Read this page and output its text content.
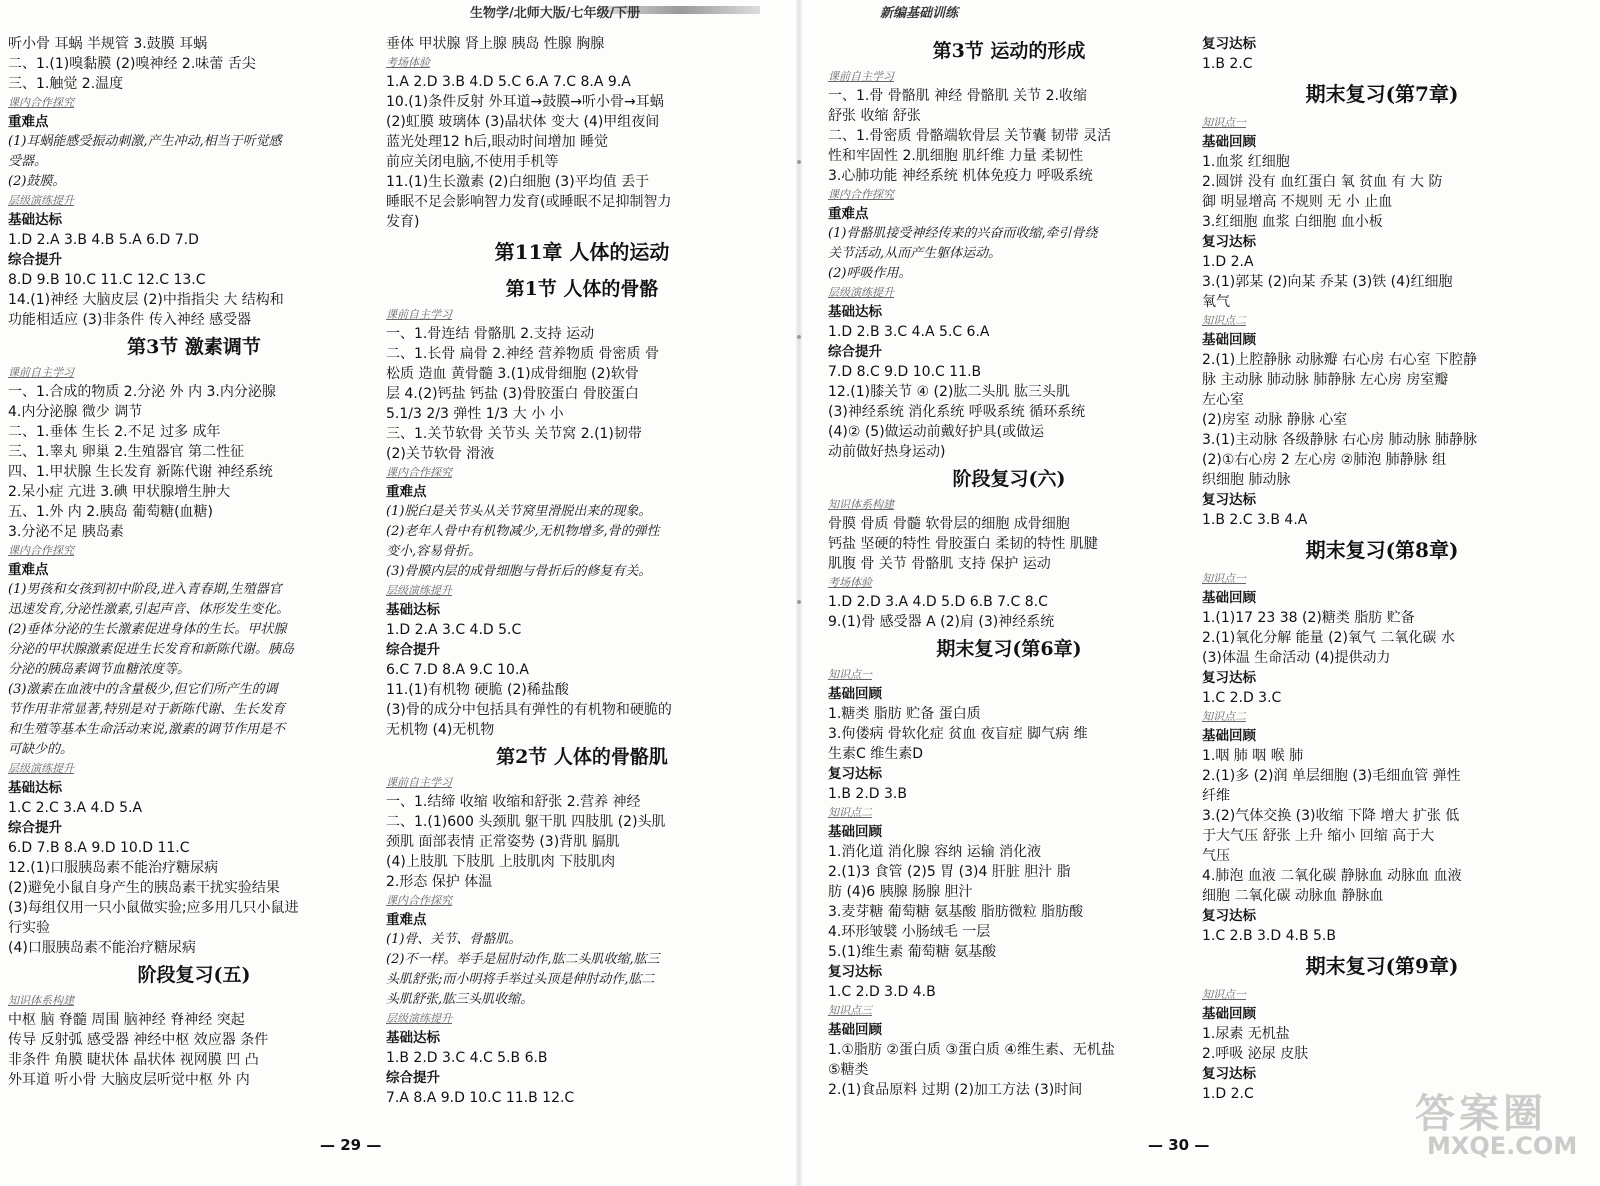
生物学/北师大版/七年级/下册	新编基础训练
听小骨 耳蜗 半规管 3.鼓膜 耳蜗
二、1.(1)嗅黏膜 (2)嗅神经 2.味蕾 舌尖
三、1.触觉 2.温度
课内合作探究
重难点
(1)耳蜗能感受振动刺激,产生冲动,相当于听觉感
受器。
(2)鼓膜。
层级演练提升
基础达标
1.D 2.A 3.B 4.B 5.A 6.D 7.D
综合提升
8.D 9.B 10.C 11.C 12.C 13.C
14.(1)神经 大脑皮层 (2)中指指尖 大 结构和
功能相适应 (3)非条件 传入神经 感受器
第3节 激素调节
课前自主学习
一、1.合成的物质 2.分泌 外 内 3.内分泌腺
4.内分泌腺 微少 调节
二、1.垂体 生长 2.不足 过多 成年
三、1.睾丸 卵巢 2.生殖器官 第二性征
四、1.甲状腺 生长发育 新陈代谢 神经系统
2.呆小症 亢进 3.碘 甲状腺增生肿大
五、1.外 内 2.胰岛 葡萄糖(血糖)
3.分泌不足 胰岛素
课内合作探究
重难点
(1)男孩和女孩到初中阶段,进入青春期,生殖器官
迅速发育,分泌性激素,引起声音、体形发生变化。
(2)垂体分泌的生长激素促进身体的生长。甲状腺
分泌的甲状腺激素促进生长发育和新陈代谢。胰岛
分泌的胰岛素调节血糖浓度等。
(3)激素在血液中的含量极少,但它们所产生的调
节作用非常显著,特别是对于新陈代谢、生长发育
和生殖等基本生命活动来说,激素的调节作用是不
可缺少的。
层级演练提升
基础达标
1.C 2.C 3.A 4.D 5.A
综合提升
6.D 7.B 8.A 9.D 10.D 11.C
12.(1)口服胰岛素不能治疗糖尿病
(2)避免小鼠自身产生的胰岛素干扰实验结果
(3)每组仅用一只小鼠做实验;应多用几只小鼠进
行实验
(4)口服胰岛素不能治疗糖尿病
阶段复习(五)
知识体系构建
中枢 脑 脊髓 周围 脑神经 脊神经 突起
传导 反射弧 感受器 神经中枢 效应器 条件
非条件 角膜 睫状体 晶状体 视网膜 凹 凸
外耳道 听小骨 大脑皮层听觉中枢 外 内
垂体 甲状腺 肾上腺 胰岛 性腺 胸腺
考场体验
1.A 2.D 3.B 4.D 5.C 6.A 7.C 8.A 9.A
10.(1)条件反射 外耳道→鼓膜→听小骨→耳蜗
(2)虹膜 玻璃体 (3)晶状体 变大 (4)甲组夜间
蓝光处理12 h后,眼动时间增加 睡觉
前应关闭电脑,不使用手机等
11.(1)生长激素 (2)白细胞 (3)平均值 丢于
睡眠不足会影响智力发育(或睡眠不足抑制智力
发育)
第11章 人体的运动
第1节 人体的骨骼
课前自主学习
一、1.骨连结 骨骼肌 2.支持 运动
二、1.长骨 扁骨 2.神经 营养物质 骨密质 骨
松质 造血 黄骨髓 3.(1)成骨细胞 (2)软骨
层 4.(2)钙盐 钙盐 (3)骨胶蛋白 骨胶蛋白
5.1/3 2/3 弹性 1/3 大 小 小
三、1.关节软骨 关节头 关节窝 2.(1)韧带
(2)关节软骨 滑液
课内合作探究
重难点
(1)脱臼是关节头从关节窝里滑脱出来的现象。
(2)老年人骨中有机物减少,无机物增多,骨的弹性
变小,容易骨折。
(3)骨膜内层的成骨细胞与骨折后的修复有关。
层级演练提升
基础达标
1.D 2.A 3.C 4.D 5.C
综合提升
6.C 7.D 8.A 9.C 10.A
11.(1)有机物 硬脆 (2)稀盐酸
(3)骨的成分中包括具有弹性的有机物和硬脆的
无机物 (4)无机物
第2节 人体的骨骼肌
课前自主学习
一、1.结缔 收缩 收缩和舒张 2.营养 神经
二、1.(1)600 头颈肌 躯干肌 四肢肌 (2)头肌
颈肌 面部表情 正常姿势 (3)背肌 膈肌
(4)上肢肌 下肢肌 上肢肌肉 下肢肌肉
2.形态 保护 体温
课内合作探究
重难点
(1)骨、关节、骨骼肌。
(2)不一样。举手是屈肘动作,肱二头肌收缩,肱三
头肌舒张;而小明将手举过头顶是伸肘动作,肱二
头肌舒张,肱三头肌收缩。
层级演练提升
基础达标
1.B 2.D 3.C 4.C 5.B 6.B
综合提升
7.A 8.A 9.D 10.C 11.B 12.C
第3节 运动的形成
课前自主学习
一、1.骨 骨骼肌 神经 骨骼肌 关节 2.收缩
舒张 收缩 舒张
二、1.骨密质 骨骼端软骨层 关节囊 韧带 灵活
性和牢固性 2.肌细胞 肌纤维 力量 柔韧性
3.心肺功能 神经系统 机体免疫力 呼吸系统
课内合作探究
重难点
(1)骨骼肌接受神经传来的兴奋而收缩,牵引骨绕
关节活动,从而产生躯体运动。
(2)呼吸作用。
层级演练提升
基础达标
1.D 2.B 3.C 4.A 5.C 6.A
综合提升
7.D 8.C 9.D 10.C 11.B
12.(1)膝关节 ④ (2)肱二头肌 肱三头肌
(3)神经系统 消化系统 呼吸系统 循环系统
(4)② (5)做运动前戴好护具(或做运
动前做好热身运动)
阶段复习(六)
知识体系构建
骨膜 骨质 骨髓 软骨层的细胞 成骨细胞
钙盐 坚硬的特性 骨胶蛋白 柔韧的特性 肌腱
肌腹 骨 关节 骨骼肌 支持 保护 运动
考场体验
1.D 2.D 3.A 4.D 5.D 6.B 7.C 8.C
9.(1)骨 感受器 A (2)肩 (3)神经系统
期末复习(第6章)
知识点一
基础回顾
1.糖类 脂肪 贮备 蛋白质
3.佝偻病 骨软化症 贫血 夜盲症 脚气病 维
生素C 维生素D
复习达标
1.B 2.D 3.B
知识点二
基础回顾
1.消化道 消化腺 容纳 运输 消化液
2.(1)3 食管 (2)5 胃 (3)4 肝脏 胆汁 脂
肪 (4)6 胰腺 肠腺 胆汁
3.麦芽糖 葡萄糖 氨基酸 脂肪微粒 脂肪酸
4.环形皱襞 小肠绒毛 一层
5.(1)维生素 葡萄糖 氨基酸
复习达标
1.C 2.D 3.D 4.B
知识点三
基础回顾
1.①脂肪 ②蛋白质 ③蛋白质 ④维生素、无机盐
⑤糖类
2.(1)食品原料 过期 (2)加工方法 (3)时间
复习达标
1.B 2.C
期末复习(第7章)
知识点一
基础回顾
1.血浆 红细胞
2.圆饼 没有 血红蛋白 氧 贫血 有 大 防
御 明显增高 不规则 无 小 止血
3.红细胞 血浆 白细胞 血小板
复习达标
1.D 2.A
3.(1)郭某 (2)向某 乔某 (3)铁 (4)红细胞
氧气
知识点二
基础回顾
2.(1)上腔静脉 动脉瓣 右心房 右心室 下腔静
脉 主动脉 肺动脉 肺静脉 左心房 房室瓣
左心室
(2)房室 动脉 静脉 心室
3.(1)主动脉 各级静脉 右心房 肺动脉 肺静脉
(2)①右心房 2 左心房 ②肺泡 肺静脉 组
织细胞 肺动脉
复习达标
1.B 2.C 3.B 4.A
期末复习(第8章)
知识点一
基础回顾
1.(1)17 23 38 (2)糖类 脂肪 贮备
2.(1)氧化分解 能量 (2)氧气 二氧化碳 水
(3)体温 生命活动 (4)提供动力
复习达标
1.C 2.D 3.C
知识点二
基础回顾
1.咽 肺 咽 喉 肺
2.(1)多 (2)润 单层细胞 (3)毛细血管 弹性
纤维
3.(2)气体交换 (3)收缩 下降 增大 扩张 低
于大气压 舒张 上升 缩小 回缩 高于大
气压
4.肺泡 血液 二氧化碳 静脉血 动脉血 血液
细胞 二氧化碳 动脉血 静脉血
复习达标
1.C 2.B 3.D 4.B 5.B
期末复习(第9章)
知识点一
基础回顾
1.尿素 无机盐
2.呼吸 泌尿 皮肤
复习达标
1.D 2.C
— 29 —	— 30 —
答案圈
MXQE.COM
